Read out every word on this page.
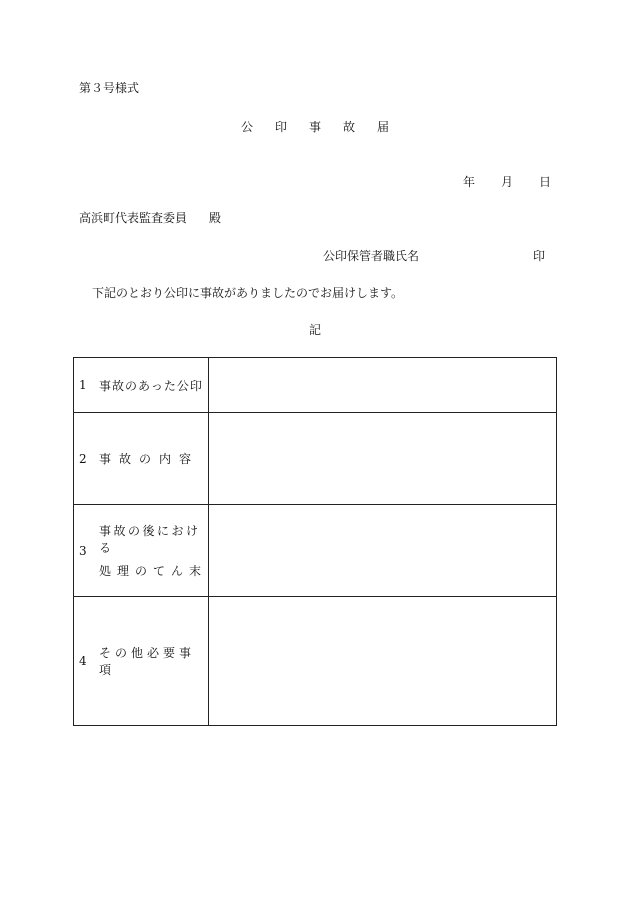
第３号様式
公 印 事 故 届
年 月 日
高浜町代表監査委員 殿
公印保管者職氏名	印
下記のとおり公印に事故がありましたのでお届けします。
記
1 事故のあった公印	

2 事故の内容	

3
事故の後における
処理のてん末	

4
その他必要事項	
